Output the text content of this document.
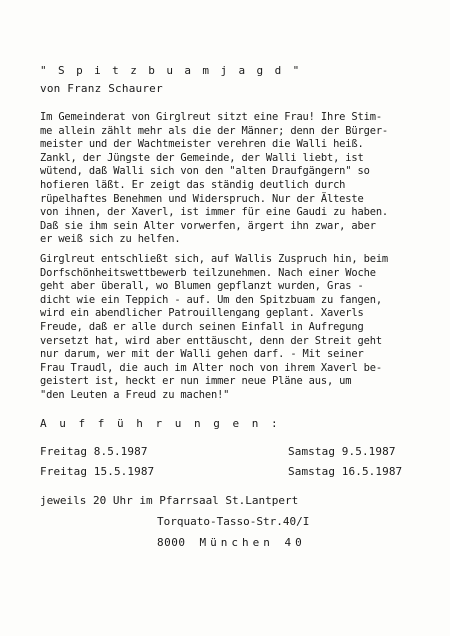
" S p i t z b u a m j a g d "
von Franz Schaurer
Im Gemeinderat von Girglreut sitzt eine Frau! Ihre Stim-
me allein zählt mehr als die der Männer; denn der Bürger-
meister und der Wachtmeister verehren die Walli heiß.
Zankl, der Jüngste der Gemeinde, der Walli liebt, ist
wütend, daß Walli sich von den "alten Draufgängern" so
hofieren läßt. Er zeigt das ständig deutlich durch
rüpelhaftes Benehmen und Widerspruch. Nur der Älteste
von ihnen, der Xaverl, ist immer für eine Gaudi zu haben.
Daß sie ihm sein Alter vorwerfen, ärgert ihn zwar, aber
er weiß sich zu helfen.
Girglreut entschließt sich, auf Wallis Zuspruch hin, beim
Dorfschönheitswettbewerb teilzunehmen. Nach einer Woche
geht aber überall, wo Blumen gepflanzt wurden, Gras -
dicht wie ein Teppich - auf. Um den Spitzbuam zu fangen,
wird ein abendlicher Patrouillengang geplant. Xaverls
Freude, daß er alle durch seinen Einfall in Aufregung
versetzt hat, wird aber enttäuscht, denn der Streit geht
nur darum, wer mit der Walli gehen darf. - Mit seiner
Frau Traudl, die auch im Alter noch von ihrem Xaverl be-
geistert ist, heckt er nun immer neue Pläne aus, um
"den Leuten a Freud zu machen!"
A u f f ü h r u n g e n :
Freitag 8.5.1987	Samstag 9.5.1987
Freitag 15.5.1987	Samstag 16.5.1987
jeweils 20 Uhr im Pfarrsaal St.Lantpert
Torquato-Tasso-Str.40/I
8000 München 40
